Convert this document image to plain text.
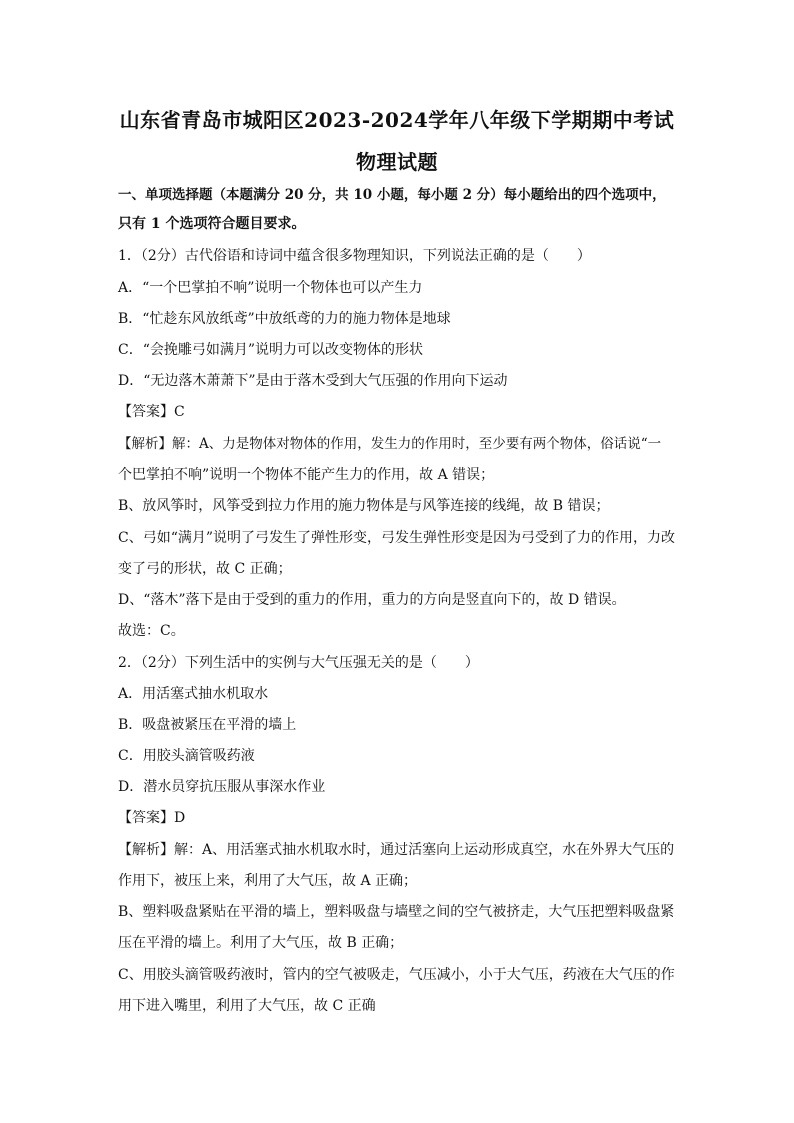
山东省青岛市城阳区2023-2024学年八年级下学期期中考试
物理试题
一、单项选择题（本题满分 20 分，共 10 小题，每小题 2 分）每小题给出的四个选项中，
只有 1 个选项符合题目要求。
1．（2分）古代俗语和诗词中蕴含很多物理知识，下列说法正确的是（　　）
A．“一个巴掌拍不响”说明一个物体也可以产生力
B．“忙趁东风放纸鸢”中放纸鸢的力的施力物体是地球
C．“会挽雕弓如满月”说明力可以改变物体的形状
D．“无边落木萧萧下”是由于落木受到大气压强的作用向下运动
【答案】C
【解析】解：A、力是物体对物体的作用，发生力的作用时，至少要有两个物体，俗话说“一
个巴掌拍不响”说明一个物体不能产生力的作用，故 A 错误；
B、放风筝时，风筝受到拉力作用的施力物体是与风筝连接的线绳，故 B 错误；
C、弓如“满月”说明了弓发生了弹性形变，弓发生弹性形变是因为弓受到了力的作用，力改
变了弓的形状，故 C 正确；
D、“落木”落下是由于受到的重力的作用，重力的方向是竖直向下的，故 D 错误。
故选：C。
2．（2分）下列生活中的实例与大气压强无关的是（　　）
A．用活塞式抽水机取水
B．吸盘被紧压在平滑的墙上
C．用胶头滴管吸药液
D．潜水员穿抗压服从事深水作业
【答案】D
【解析】解：A、用活塞式抽水机取水时，通过活塞向上运动形成真空，水在外界大气压的
作用下，被压上来，利用了大气压，故 A 正确；
B、塑料吸盘紧贴在平滑的墙上，塑料吸盘与墙壁之间的空气被挤走，大气压把塑料吸盘紧
压在平滑的墙上。利用了大气压，故 B 正确；
C、用胶头滴管吸药液时，管内的空气被吸走，气压减小，小于大气压，药液在大气压的作
用下进入嘴里，利用了大气压，故 C 正确
